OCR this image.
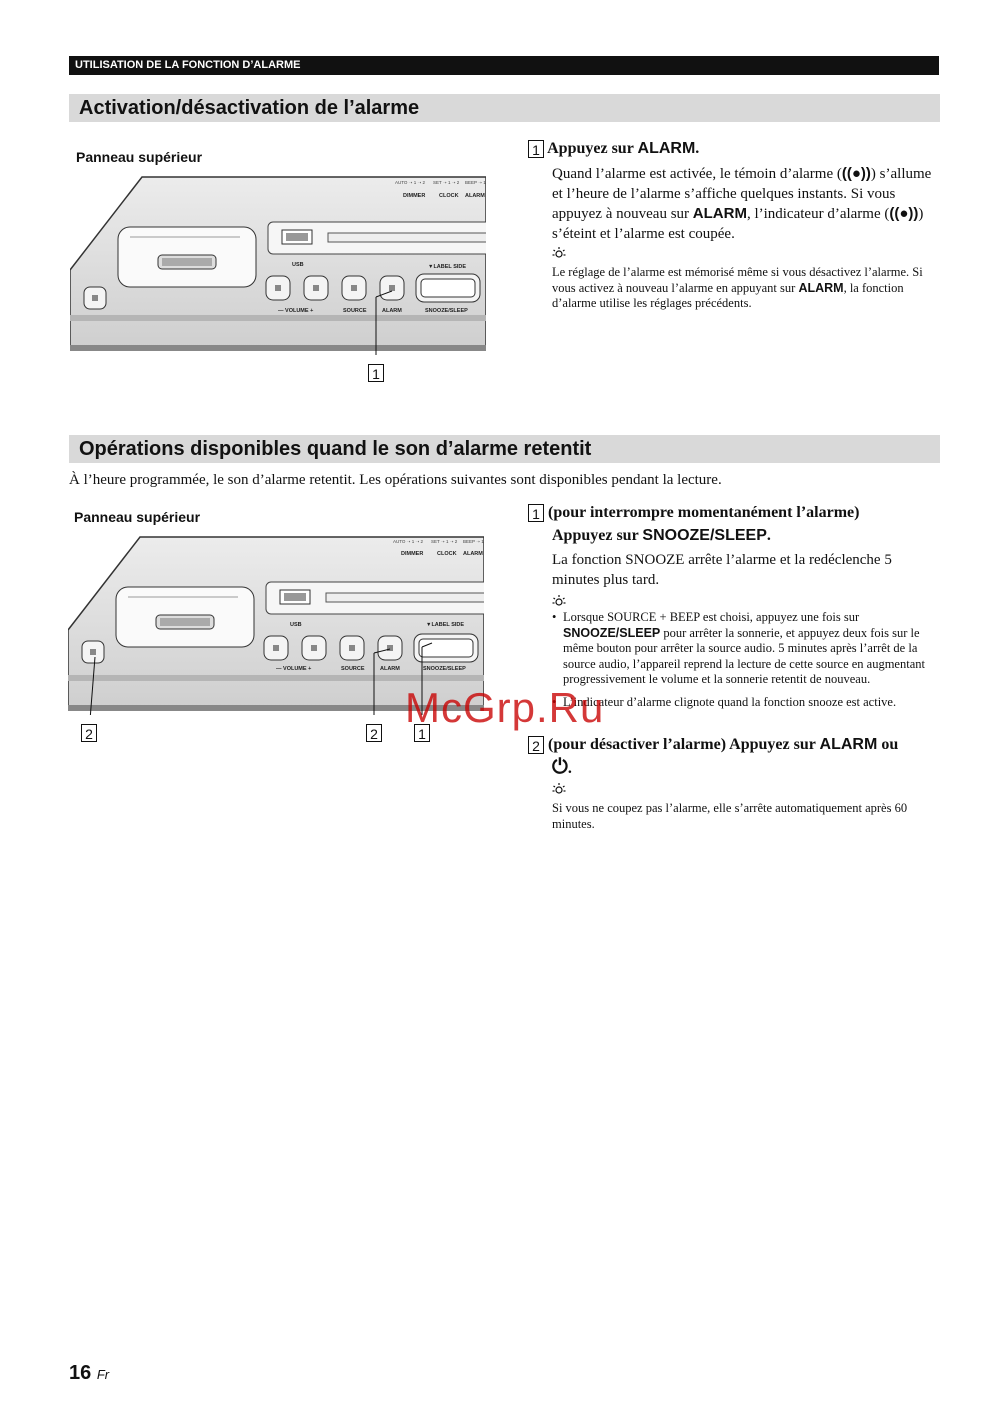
UTILISATION DE LA FONCTION D’ALARME
Activation/désactivation de l’alarme
Panneau supérieur
USB
— VOLUME +	SOURCE	ALARM	SNOOZE/SLEEP
▼LABEL SIDE
DIMMER CLOCK ALARM
AUTO ➝ 1 ➝ 2 SET ➝ 1 ➝ 2 BEEP ➝ 1
1
1 Appuyez sur ALARM.
Quand l’alarme est activée, le témoin d’alarme (((●))) s’allume et l’heure de l’alarme s’affiche quelques instants. Si vous appuyez à nouveau sur ALARM, l’indicateur d’alarme (((●))) s’éteint et l’alarme est coupée.
Le réglage de l’alarme est mémorisé même si vous désactivez l’alarme. Si vous activez à nouveau l’alarme en appuyant sur ALARM, la fonction d’alarme utilise les réglages précédents.
Opérations disponibles quand le son d’alarme retentit
À l’heure programmée, le son d’alarme retentit. Les opérations suivantes sont disponibles pendant la lecture.
Panneau supérieur
USB
— VOLUME +	SOURCE	ALARM	SNOOZE/SLEEP
▼LABEL SIDE
DIMMER CLOCK ALARM
AUTO ➝ 1 ➝ 2 SET ➝ 1 ➝ 2 BEEP ➝ 1
2	2	1
1 (pour interrompre momentanément l’alarme)
Appuyez sur SNOOZE/SLEEP.
La fonction SNOOZE arrête l’alarme et la redéclenche 5 minutes plus tard.
• Lorsque SOURCE + BEEP est choisi, appuyez une fois sur SNOOZE/SLEEP pour arrêter la sonnerie, et appuyez deux fois sur le même bouton pour arrêter la source audio. 5 minutes après l’arrêt de la source audio, l’appareil reprend la lecture de cette source en augmentant progressivement le volume et la sonnerie retentit de nouveau.
• L’indicateur d’alarme clignote quand la fonction snooze est active.
2 (pour désactiver l’alarme) Appuyez sur ALARM ou
⏻.
Si vous ne coupez pas l’alarme, elle s’arrête automatiquement après 60 minutes.
McGrp.Ru
16 Fr
